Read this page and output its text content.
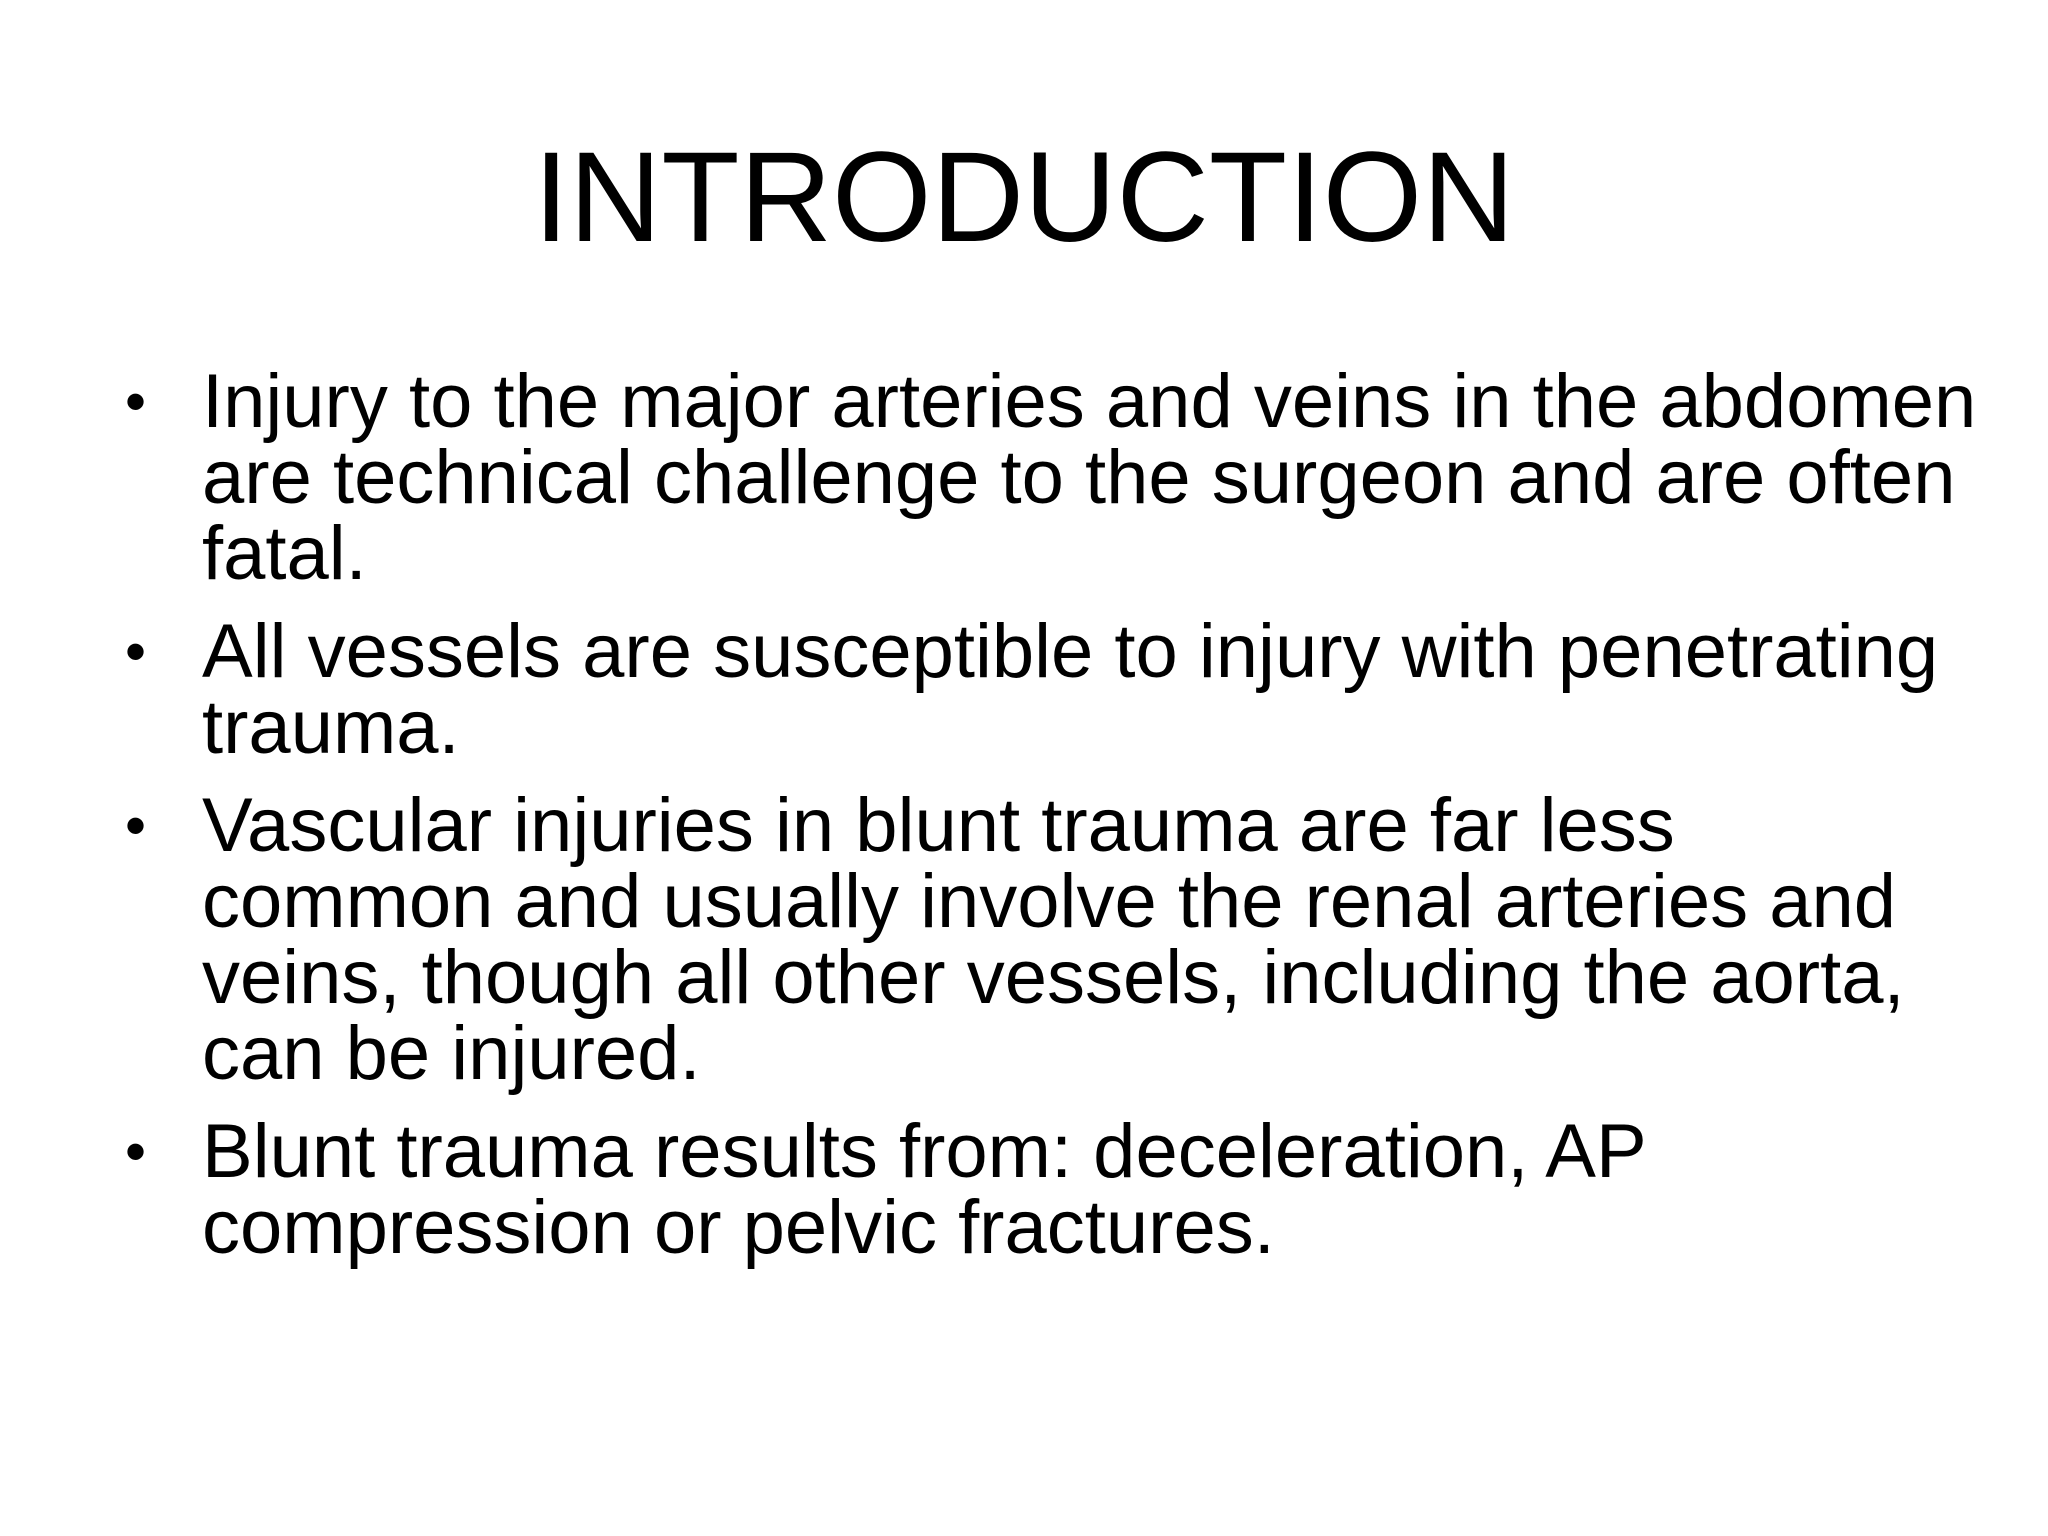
INTRODUCTION
• Injury to the major arteries and veins in the abdomen are technical challenge to the surgeon and are often fatal.
• All vessels are susceptible to injury with penetrating trauma.
• Vascular injuries in blunt trauma are far less common and usually involve the renal arteries and veins, though all other vessels, including the aorta, can be injured.
• Blunt trauma results from: deceleration, AP compression or pelvic fractures.
